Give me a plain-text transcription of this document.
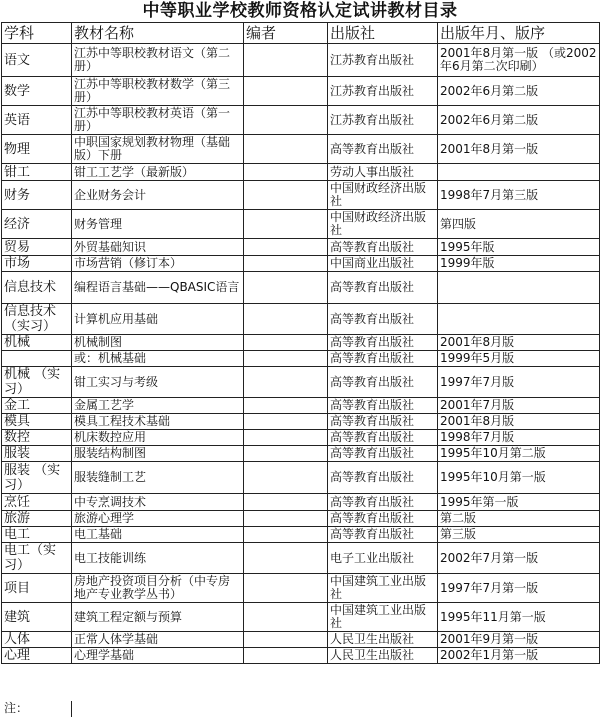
中等职业学校教师资格认定试讲教材目录
学科	教材名称	编者	出版社	出版年月、版序
语文	江苏中等职校教材语文（第二册）		江苏教育出版社	2001年8月第一版 （或2002年6月第二次印刷）
数学	江苏中等职校教材数学（第三册）		江苏教育出版社	2002年6月第二版
英语	江苏中等职校教材英语（第一册）		江苏教育出版社	2002年6月第二版
物理	中职国家规划教材物理（基础版）下册		高等教育出版社	2001年8月第一版
钳工	钳工工艺学（最新版）		劳动人事出版社	
财务	企业财务会计		中国财政经济出版社	1998年7月第三版
经济	财务管理		中国财政经济出版社	第四版
贸易	外贸基础知识		高等教育出版社	1995年版
市场	市场营销（修订本）		中国商业出版社	1999年版
信息技术	编程语言基础——QBASIC语言		高等教育出版社	
信息技术（实习）	计算机应用基础		高等教育出版社	
机械	机械制图		高等教育出版社	2001年8月版
	或：机械基础		高等教育出版社	1999年5月版
机械 （实习）	钳工实习与考级		高等教育出版社	1997年7月版
金工	金属工艺学		高等教育出版社	2001年7月版
模具	模具工程技术基础		高等教育出版社	2001年8月版
数控	机床数控应用		高等教育出版社	1998年7月版
服装	服装结构制图		高等教育出版社	1995年10月第二版
服装 （实习）	服装缝制工艺		高等教育出版社	1995年10月第一版
烹饪	中专烹调技术		高等教育出版社	1995年第一版
旅游	旅游心理学		高等教育出版社	第二版
电工	电工基础		高等教育出版社	第三版
电工（实习）	电工技能训练		电子工业出版社	2002年7月第一版
项目	房地产投资项目分析（中专房地产专业教学丛书）		中国建筑工业出版社	1997年7月第一版
建筑	建筑工程定额与预算		中国建筑工业出版社	1995年11月第一版
人体	正常人体学基础		人民卫生出版社	2001年9月第一版
心理	心理学基础		人民卫生出版社	2002年1月第一版
注：
